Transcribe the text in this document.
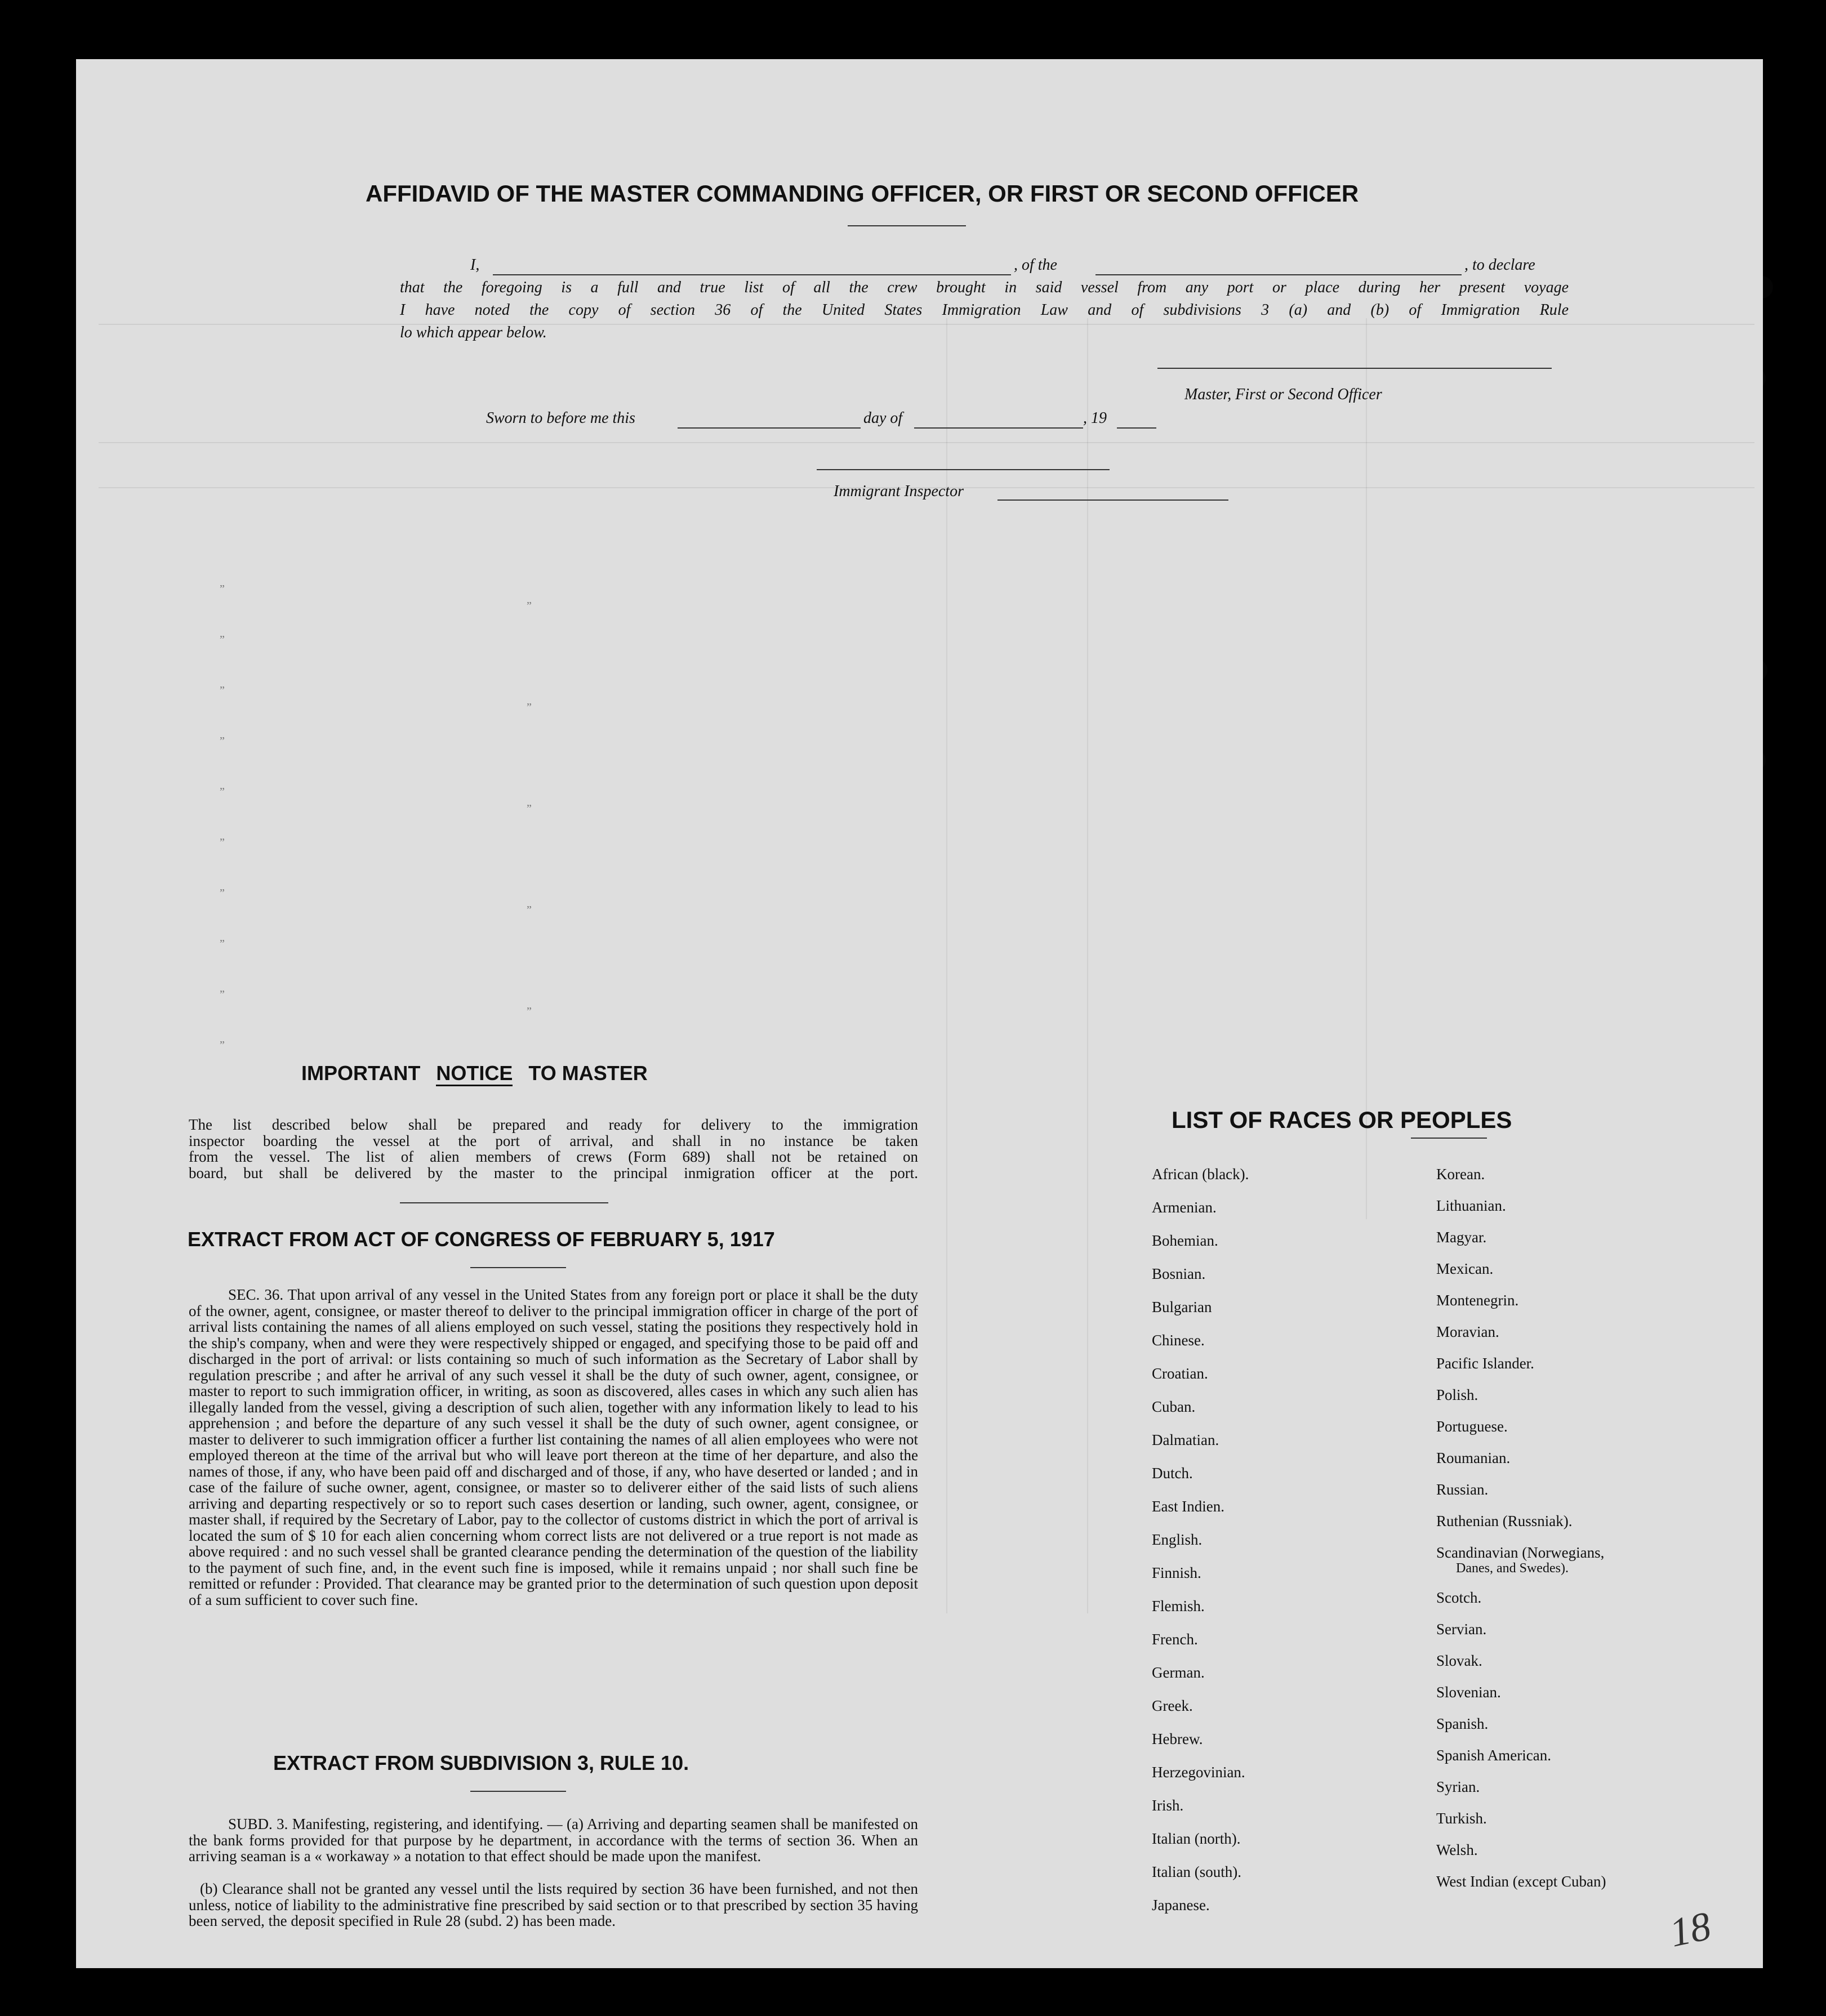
AFFIDAVID OF THE MASTER COMMANDING OFFICER, OR FIRST OR SECOND OFFICER
I,	, of the	, to declare
that the foregoing is a full and true list of all the crew brought in said vessel from any port or place during her present voyage
I have noted the copy of section 36 of the United States Immigration Law and of subdivisions 3 (a) and (b) of Immigration Rule
lo which appear below.
Master, First or Second Officer
Sworn to before me this	day of	, 19
Immigrant Inspector
”
”
”
”
”
”
”
”
”
”
”
”
”
”
”
IMPORTANT NOTICE TO MASTER
The list described below shall be prepared and ready for delivery to the immigration
inspector boarding the vessel at the port of arrival, and shall in no instance be taken
from the vessel. The list of alien members of crews (Form 689) shall not be retained on
board, but shall be delivered by the master to the principal inmigration officer at the port.
EXTRACT FROM ACT OF CONGRESS OF FEBRUARY 5, 1917
SEC. 36. That upon arrival of any vessel in the United States from any foreign port or place it shall be the duty of the owner, agent, consignee, or master thereof to deliver to the principal immigration officer in charge of the port of arrival lists containing the names of all aliens employed on such vessel, stating the positions they respectively hold in the ship's company, when and were they were respectively shipped or engaged, and specifying those to be paid off and discharged in the port of arrival: or lists containing so much of such information as the Secretary of Labor shall by regulation prescribe ; and after he arrival of any such vessel it shall be the duty of such owner, agent, consignee, or master to report to such immigration officer, in writing, as soon as discovered, alles cases in which any such alien has illegally landed from the vessel, giving a description of such alien, together with any information likely to lead to his apprehension ; and before the departure of any such vessel it shall be the duty of such owner, agent consignee, or master to deliverer to such immigration officer a further list containing the names of all alien employees who were not employed thereon at the time of the arrival but who will leave port thereon at the time of her departure, and also the names of those, if any, who have been paid off and discharged and of those, if any, who have deserted or landed ; and in case of the failure of suche owner, agent, consignee, or master so to deliverer either of the said lists of such aliens arriving and departing respectively or so to report such cases desertion or landing, such owner, agent, consignee, or master shall, if required by the Secretary of Labor, pay to the collector of customs district in which the port of arrival is located the sum of $ 10 for each alien concerning whom correct lists are not delivered or a true report is not made as above required : and no such vessel shall be granted clearance pending the determination of the question of the liability to the payment of such fine, and, in the event such fine is imposed, while it remains unpaid ; nor shall such fine be remitted or refunder : Provided. That clearance may be granted prior to the determination of such question upon deposit of a sum sufficient to cover such fine.
EXTRACT FROM SUBDIVISION 3, RULE 10.
SUBD. 3. Manifesting, registering, and identifying. — (a) Arriving and departing seamen shall be manifested on the bank forms provided for that purpose by he department, in accordance with the terms of section 36. When an arriving seaman is a « workaway » a notation to that effect should be made upon the manifest.
(b) Clearance shall not be granted any vessel until the lists required by section 36 have been furnished, and not then unless, notice of liability to the administrative fine prescribed by said section or to that prescribed by section 35 having been served, the deposit specified in Rule 28 (subd. 2) has been made.
LIST OF RACES OR PEOPLES
African (black).
Armenian.
Bohemian.
Bosnian.
Bulgarian
Chinese.
Croatian.
Cuban.
Dalmatian.
Dutch.
East Indien.
English.
Finnish.
Flemish.
French.
German.
Greek.
Hebrew.
Herzegovinian.
Irish.
Italian (north).
Italian (south).
Japanese.
Korean.
Lithuanian.
Magyar.
Mexican.
Montenegrin.
Moravian.
Pacific Islander.
Polish.
Portuguese.
Roumanian.
Russian.
Ruthenian (Russniak).
Scandinavian (Norwegians,
Danes, and Swedes).
Scotch.
Servian.
Slovak.
Slovenian.
Spanish.
Spanish American.
Syrian.
Turkish.
Welsh.
West Indian (except Cuban)
18
